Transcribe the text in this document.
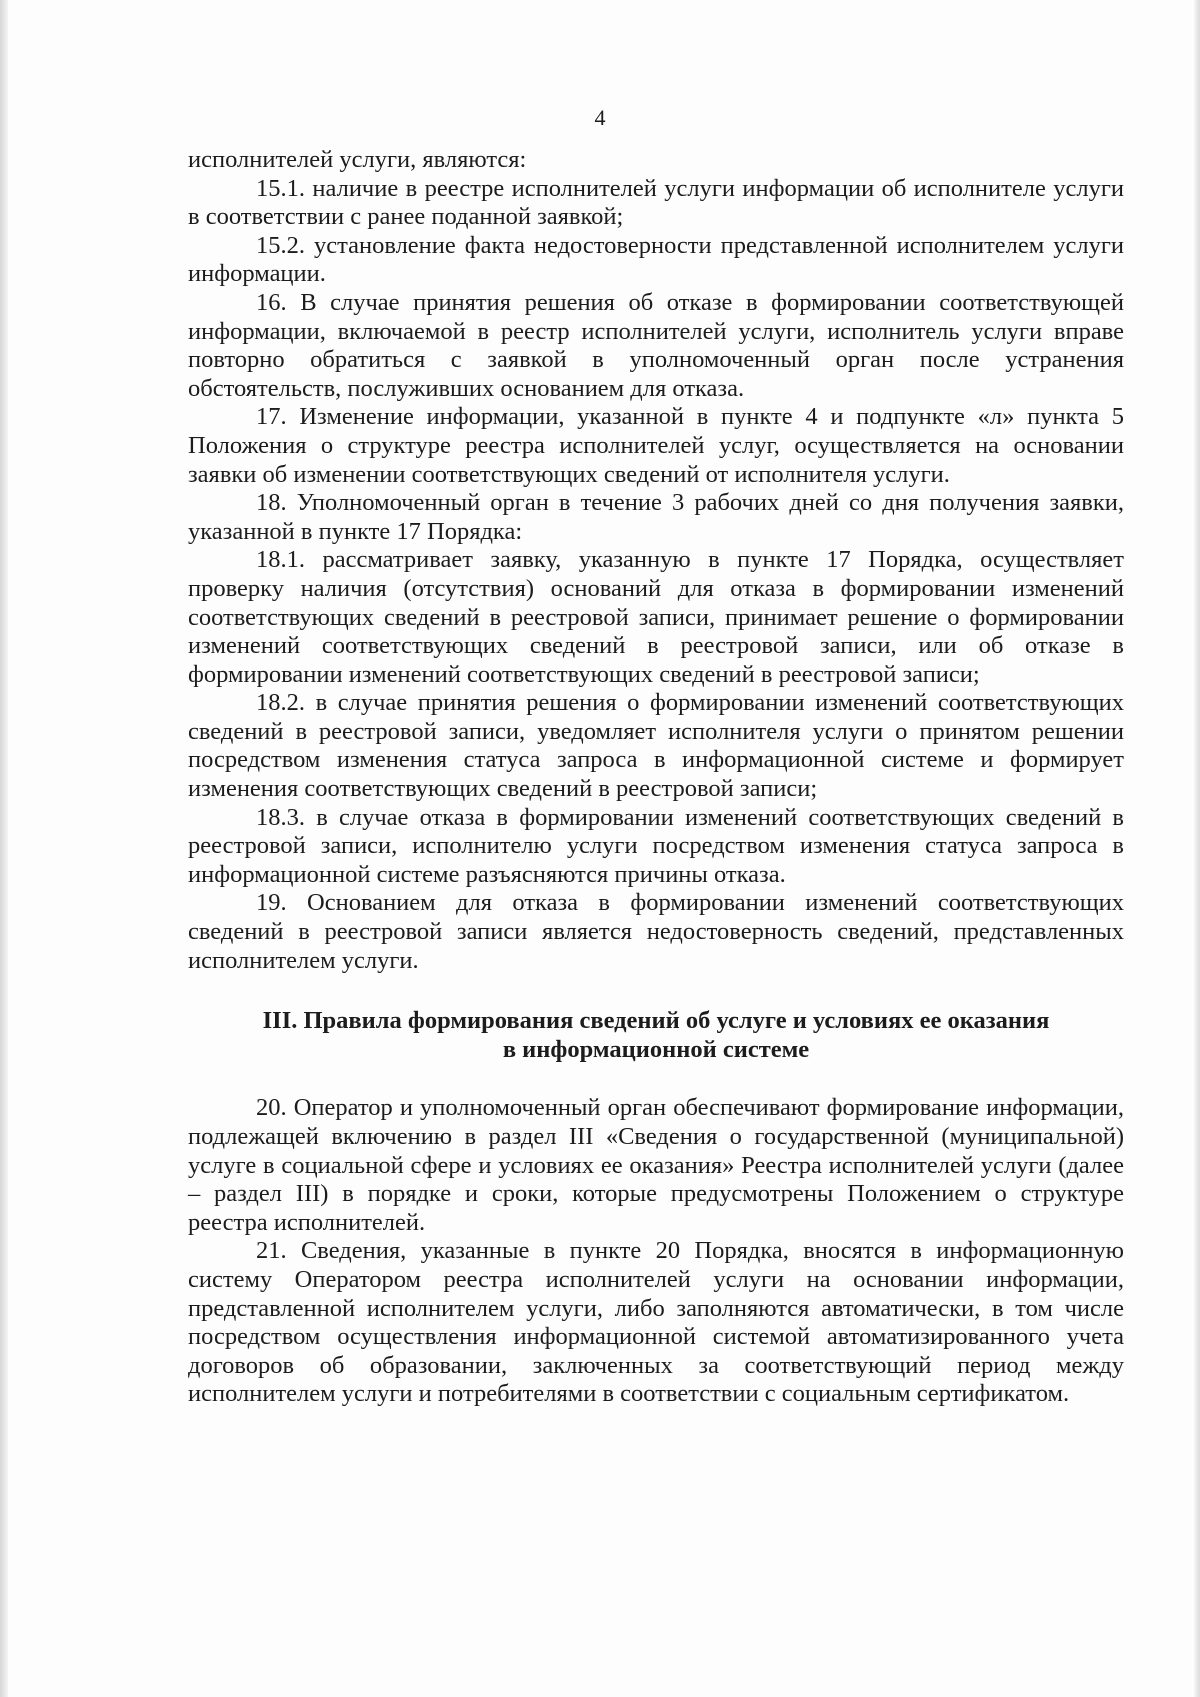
4

исполнителей услуги, являются:

15.1. наличие в реестре исполнителей услуги информации об исполнителе услуги в соответствии с ранее поданной заявкой;

15.2. установление факта недостоверности представленной исполнителем услуги информации.

16. В случае принятия решения об отказе в формировании соответствующей информации, включаемой в реестр исполнителей услуги, исполнитель услуги вправе повторно обратиться с заявкой в уполномоченный орган после устранения обстоятельств, послуживших основанием для отказа.

17. Изменение информации, указанной в пункте 4 и подпункте «л» пункта 5 Положения о структуре реестра исполнителей услуг, осуществляется на основании заявки об изменении соответствующих сведений от исполнителя услуги.

18. Уполномоченный орган в течение 3 рабочих дней со дня получения заявки, указанной в пункте 17 Порядка:

18.1. рассматривает заявку, указанную в пункте 17 Порядка, осуществляет проверку наличия (отсутствия) оснований для отказа в формировании изменений соответствующих сведений в реестровой записи, принимает решение о формировании изменений соответствующих сведений в реестровой записи, или об отказе в формировании изменений соответствующих сведений в реестровой записи;

18.2. в случае принятия решения о формировании изменений соответствующих сведений в реестровой записи, уведомляет исполнителя услуги о принятом решении посредством изменения статуса запроса в информационной системе и формирует изменения соответствующих сведений в реестровой записи;

18.3. в случае отказа в формировании изменений соответствующих сведений в реестровой записи, исполнителю услуги посредством изменения статуса запроса в информационной системе разъясняются причины отказа.

19. Основанием для отказа в формировании изменений соответствующих сведений в реестровой записи является недостоверность сведений, представленных исполнителем услуги.

III. Правила формирования сведений об услуге и условиях ее оказания
в информационной системе

20. Оператор и уполномоченный орган обеспечивают формирование информации, подлежащей включению в раздел III «Сведения о государственной (муниципальной) услуге в социальной сфере и условиях ее оказания» Реестра исполнителей услуги (далее – раздел III) в порядке и сроки, которые предусмотрены Положением о структуре реестра исполнителей.

21. Сведения, указанные в пункте 20 Порядка, вносятся в информационную систему Оператором реестра исполнителей услуги на основании информации, представленной исполнителем услуги, либо заполняются автоматически, в том числе посредством осуществления информационной системой автоматизированного учета договоров об образовании, заключенных за соответствующий период между исполнителем услуги и потребителями в соответствии с социальным сертификатом.
